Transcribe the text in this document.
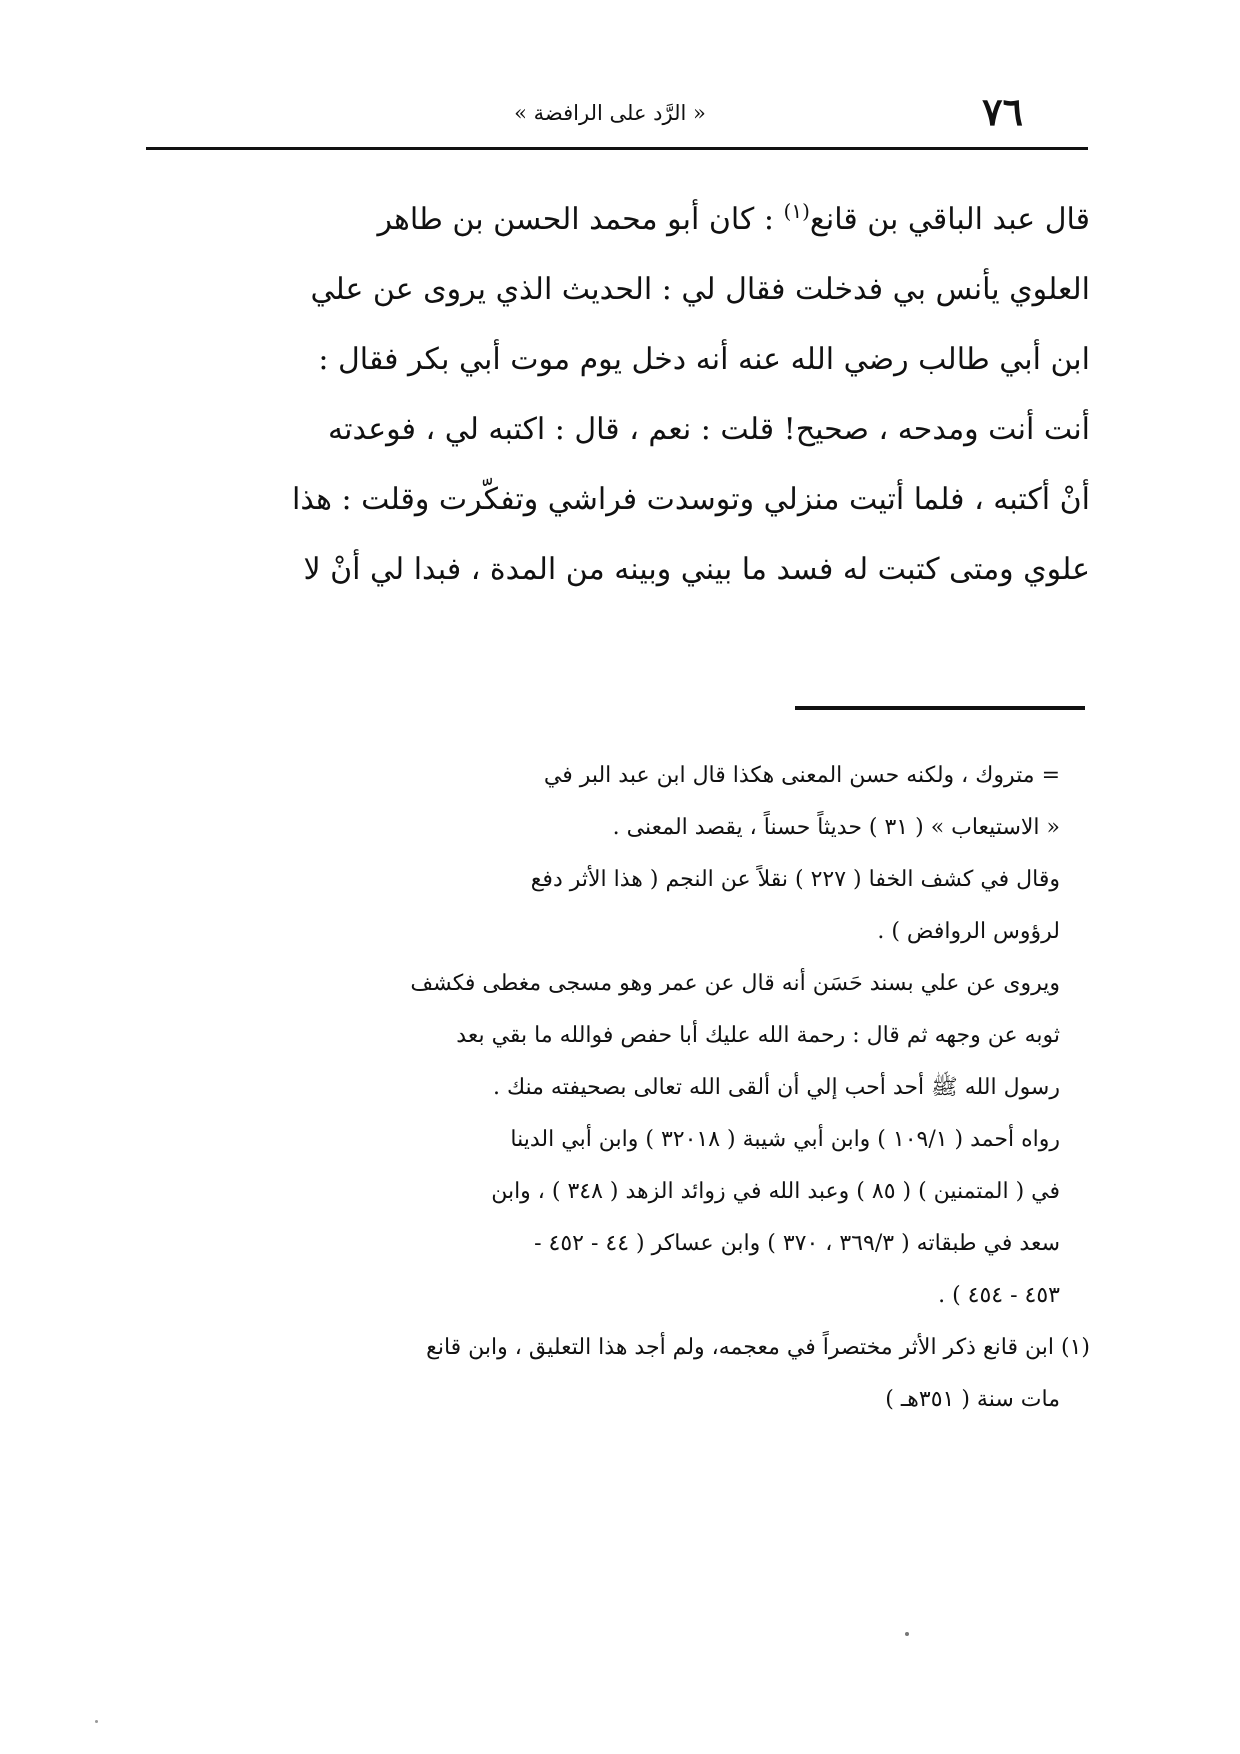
٧٦
« الرَّد على الرافضة »
قال عبد الباقي بن قانع$^{(١)}$ : كان أبو محمد الحسن بن طاهر
العلوي يأنس بي فدخلت فقال لي : الحديث الذي يروى عن علي
ابن أبي طالب رضي الله عنه أنه دخل يوم موت أبي بكر فقال :
أنت أنت ومدحه ، صحيح! قلت : نعم ، قال : اكتبه لي ، فوعدته
أنْ أكتبه ، فلما أتيت منزلي وتوسدت فراشي وتفكّرت وقلت : هذا
علوي ومتى كتبت له فسد ما بيني وبينه من المدة ، فبدا لي أنْ لا
= متروك ، ولكنه حسن المعنى هكذا قال ابن عبد البر في
« الاستيعاب » ( ٣١ ) حديثاً حسناً ، يقصد المعنى .
وقال في كشف الخفا ( ٢٢٧ ) نقلاً عن النجم ( هذا الأثر دفع
لرؤوس الروافض ) .
ويروى عن علي بسند حَسَن أنه قال عن عمر وهو مسجى مغطى فكشف
ثوبه عن وجهه ثم قال : رحمة الله عليك أبا حفص فوالله ما بقي بعد
رسول الله ﷺ أحد أحب إلي أن ألقى الله تعالى بصحيفته منك .
رواه أحمد ( ١٠٩/١ ) وابن أبي شيبة ( ٣٢٠١٨ ) وابن أبي الدينا
في ( المتمنين ) ( ٨٥ ) وعبد الله في زوائد الزهد ( ٣٤٨ ) ، وابن
سعد في طبقاته ( ٣٦٩/٣ ، ٣٧٠ ) وابن عساكر ( ٤٤ - ٤٥٢ -
٤٥٣ - ٤٥٤ ) .
(١) ابن قانع ذكر الأثر مختصراً في معجمه، ولم أجد هذا التعليق ، وابن قانع
مات سنة ( ٣٥١هـ )
